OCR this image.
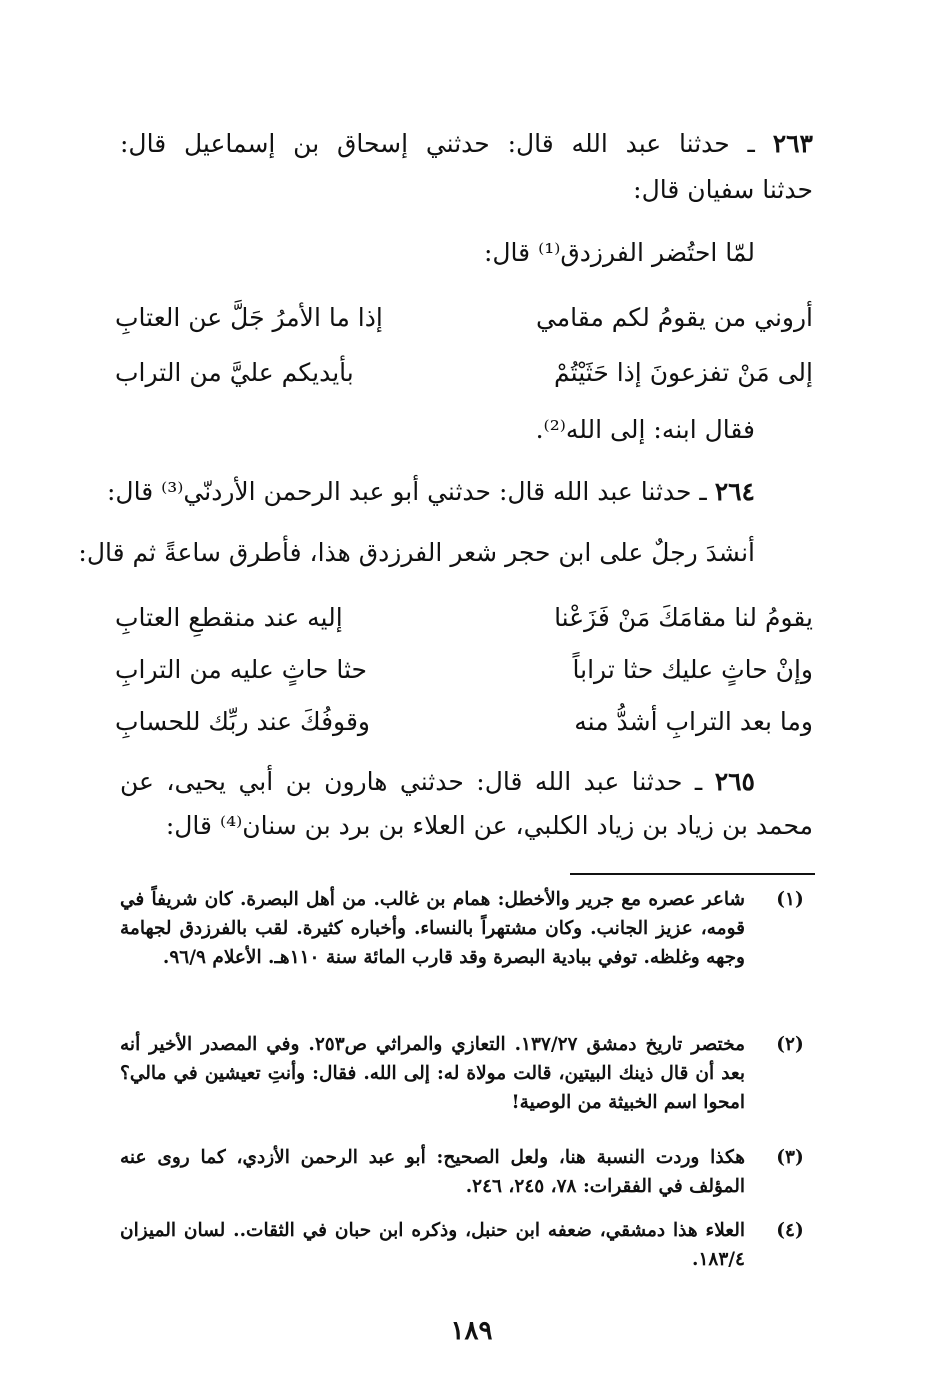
٢٦٣ ـ حدثنا عبد الله قال: حدثني إسحاق بن إسماعيل قال:
حدثنا سفيان قال:
لمّا احتُضر الفرزدق⁽¹⁾ قال:
أروني من يقومُ لكم مقامي
إذا ما الأمرُ جَلَّ عن العتابِ
إلى مَنْ تفزعونَ إذا حَثَيْتُمْ
بأيديكم عليَّ من التراب
فقال ابنه: إلى الله⁽²⁾.
٢٦٤ ـ حدثنا عبد الله قال: حدثني أبو عبد الرحمن الأردنّي⁽³⁾ قال:
أنشدَ رجلٌ على ابن حجر شعر الفرزدق هذا، فأطرق ساعةً ثم قال:
يقومُ لنا مقامَكَ مَنْ فَزَعْنا
إليه عند منقطعِ العتابِ
وإنْ حاثٍ عليك حثا تراباً
حثا حاثٍ عليه من الترابِ
وما بعد الترابِ أشدُّ منه
وقوفُكَ عند ربِّك للحسابِ
٢٦٥ ـ حدثنا عبد الله قال: حدثني هارون بن أبي يحيى، عن
محمد بن زياد بن زياد الكلبي، عن العلاء بن برد بن سنان⁽⁴⁾ قال:
(١)
شاعر عصره مع جرير والأخطل: همام بن غالب. من أهل البصرة. كان شريفاً في قومه، عزيز الجانب. وكان مشتهراً بالنساء. وأخباره كثيرة. لقب بالفرزدق لجهامة وجهه وغلظه. توفي ببادية البصرة وقد قارب المائة سنة ١١٠هـ. الأعلام ٩٦/٩.
(٢)
مختصر تاريخ دمشق ١٣٧/٢٧. التعازي والمراثي ص٢٥٣. وفي المصدر الأخير أنه بعد أن قال ذينك البيتين، قالت مولاة له: إلى الله. فقال: وأنتِ تعيشين في مالي؟ امحوا اسم الخبيثة من الوصية!
(٣)
هكذا وردت النسبة هنا، ولعل الصحيح: أبو عبد الرحمن الأزدي، كما روى عنه المؤلف في الفقرات: ٧٨، ٢٤٥، ٢٤٦.
(٤)
العلاء هذا دمشقي، ضعفه ابن حنبل، وذكره ابن حبان في الثقات.. لسان الميزان ١٨٣/٤.
١٨٩
